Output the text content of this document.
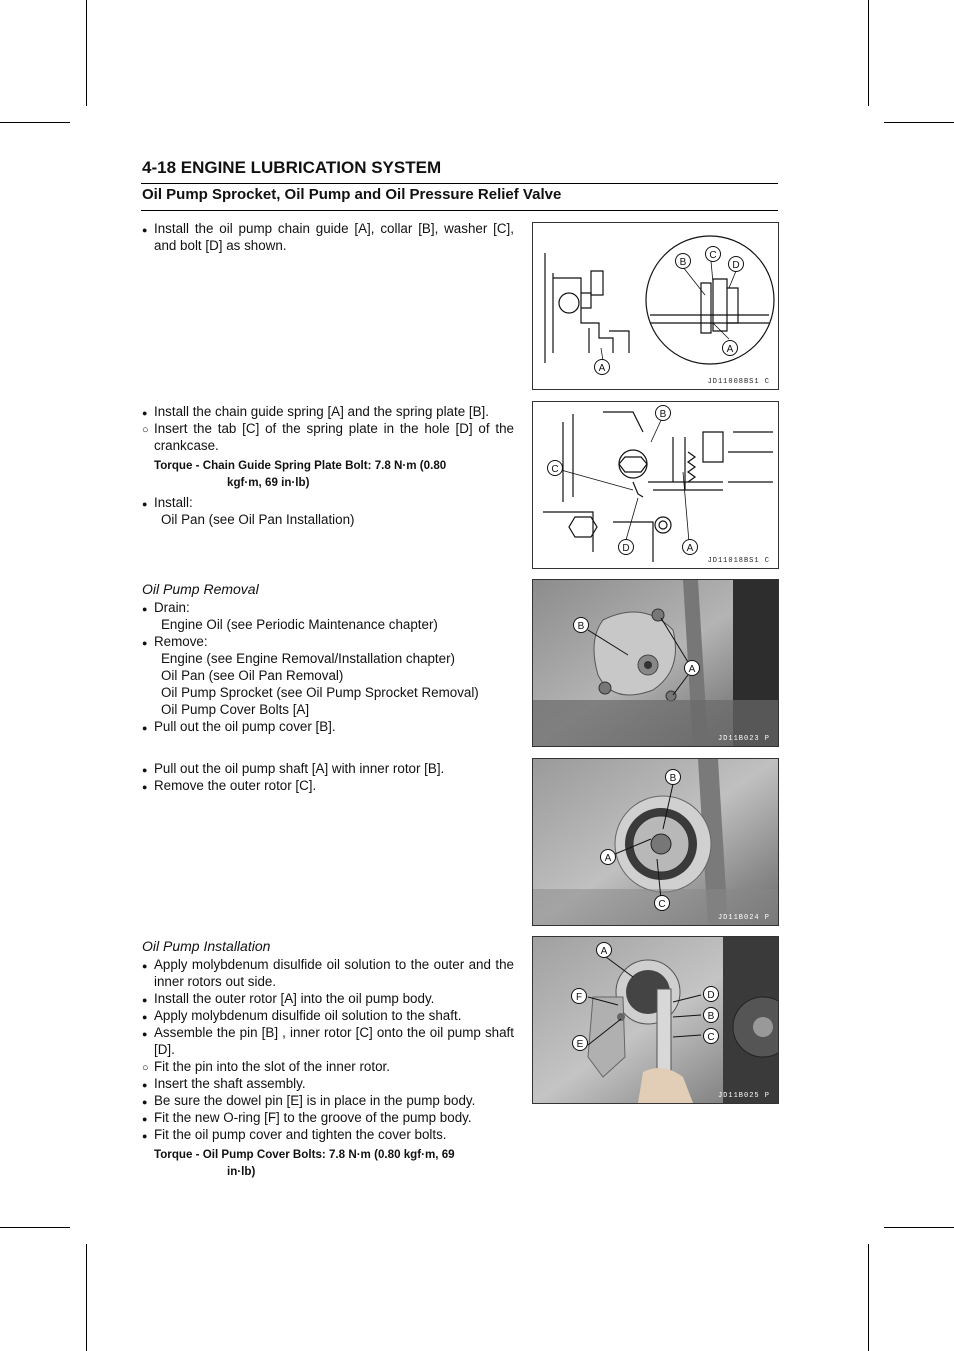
4-18 ENGINE LUBRICATION SYSTEM
Oil Pump Sprocket, Oil Pump and Oil Pressure Relief Valve
●
Install the oil pump chain guide [A], collar [B], washer [C], and bolt [D] as shown.
A
B
C
D
A
JD11008BS1 C
●
Install the chain guide spring [A] and the spring plate [B].
○
Insert the tab [C] of the spring plate in the hole [D] of the crankcase.
Torque - Chain Guide Spring Plate Bolt: 7.8 N·m (0.80
kgf·m, 69 in·lb)
●
Install:
Oil Pan (see Oil Pan Installation)
B
C
D	A
JD11018BS1 C
Oil Pump Removal
●
Drain:
Engine Oil (see Periodic Maintenance chapter)
●
Remove:
Engine (see Engine Removal/Installation chapter)
Oil Pan (see Oil Pan Removal)
Oil Pump Sprocket (see Oil Pump Sprocket Removal)
Oil Pump Cover Bolts [A]
●
Pull out the oil pump cover [B].
B
A
JD11B023 P
●
Pull out the oil pump shaft [A] with inner rotor [B].
●
Remove the outer rotor [C].	B
A
C
JD11B024 P
Oil Pump Installation
●
Apply molybdenum disulfide oil solution to the outer and the inner rotors out side.
●
Install the outer rotor [A] into the oil pump body.
●
Apply molybdenum disulfide oil solution to the shaft.
●
Assemble the pin [B] , inner rotor [C] onto the oil pump shaft [D].
○
Fit the pin into the slot of the inner rotor.
●
Insert the shaft assembly.
●
Be sure the dowel pin [E] is in place in the pump body.
●
Fit the new O-ring [F] to the groove of the pump body.
●
Fit the oil pump cover and tighten the cover bolts.
Torque - Oil Pump Cover Bolts: 7.8 N·m (0.80 kgf·m, 69
in·lb)
A
F
E
D
B
C
JD11B025 P
